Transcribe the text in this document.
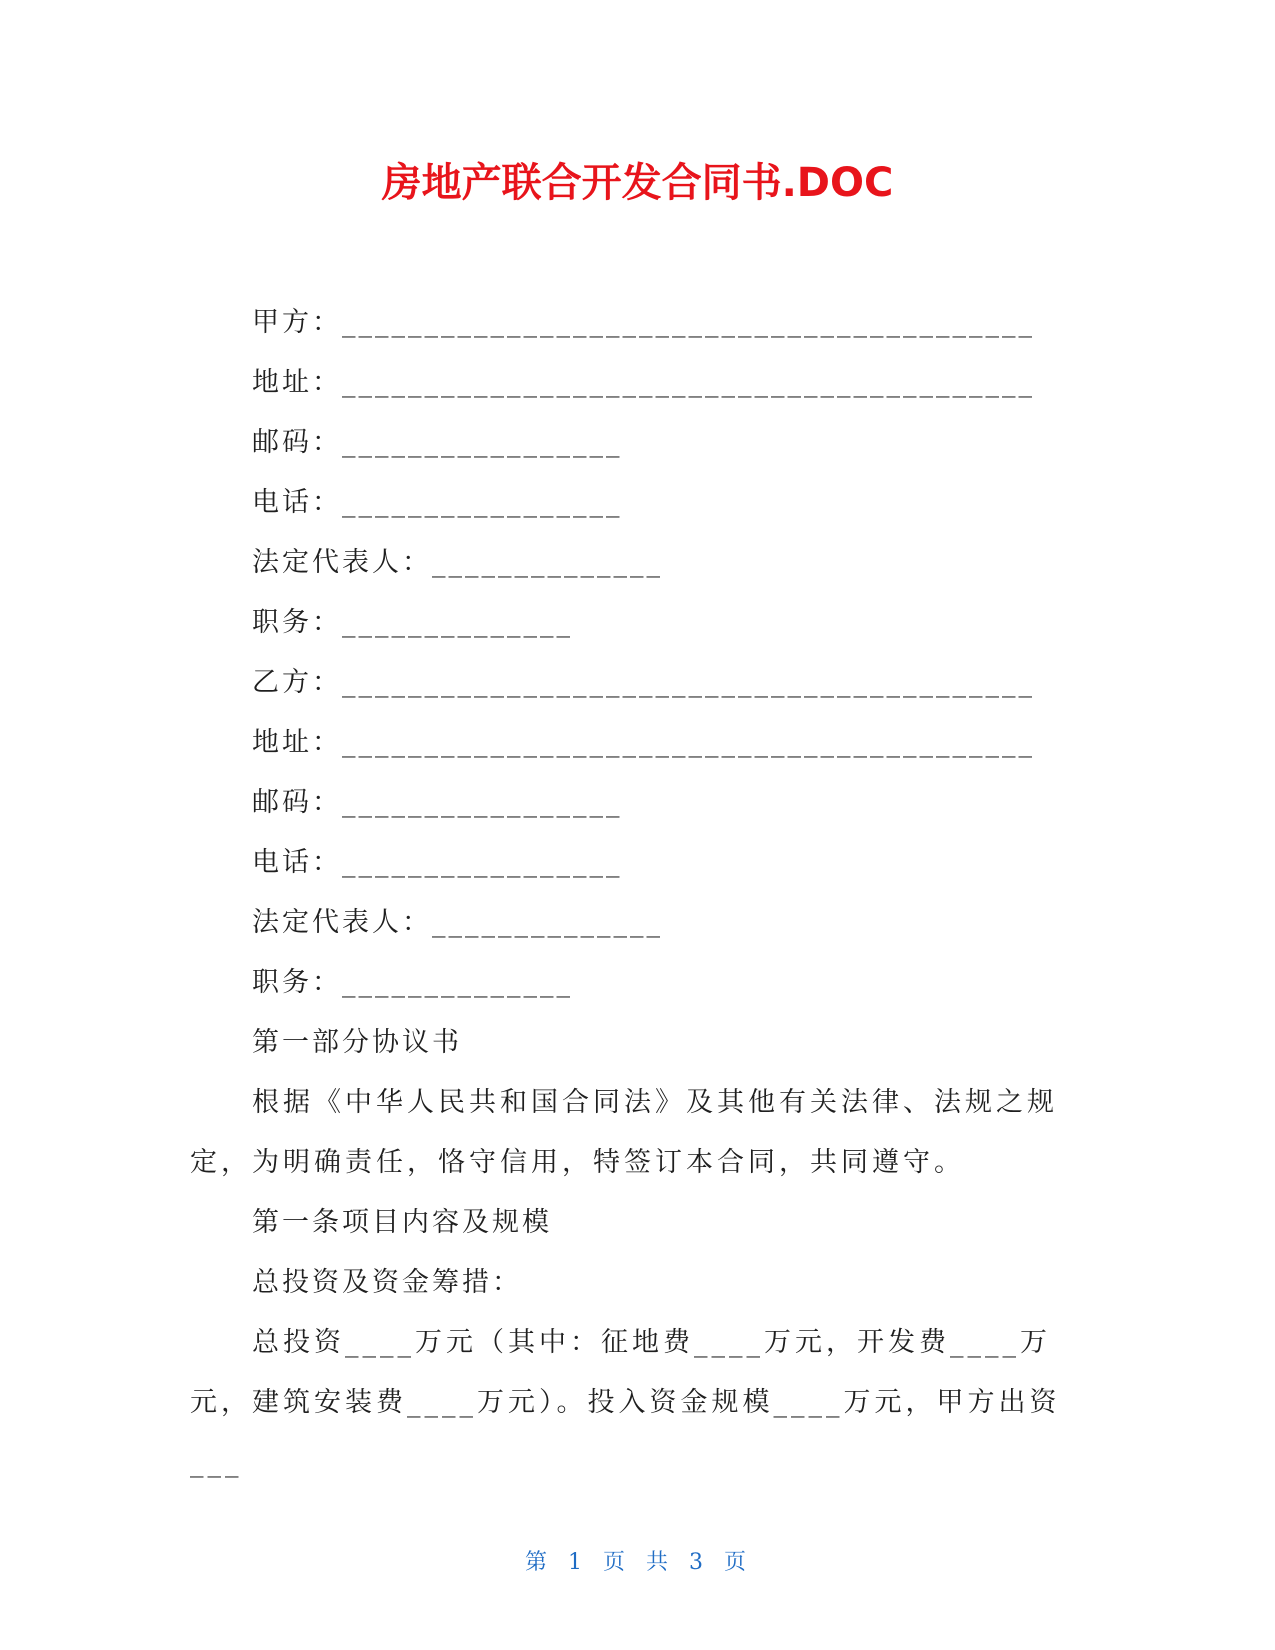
房地产联合开发合同书.DOC
甲方：__________________________________________
地址：__________________________________________
邮码：_________________
电话：_________________
法定代表人：______________
职务：______________
乙方：__________________________________________
地址：__________________________________________
邮码：_________________
电话：_________________
法定代表人：______________
职务：______________
第一部分协议书
根据《中华人民共和国合同法》及其他有关法律、法规之规定，为明确责任，恪守信用，特签订本合同，共同遵守。
第一条项目内容及规模
总投资及资金筹措：
总投资____万元（其中：征地费____万元，开发费____万元，建筑安装费____万元）。投入资金规模____万元，甲方出资___
第 1 页 共 3 页
